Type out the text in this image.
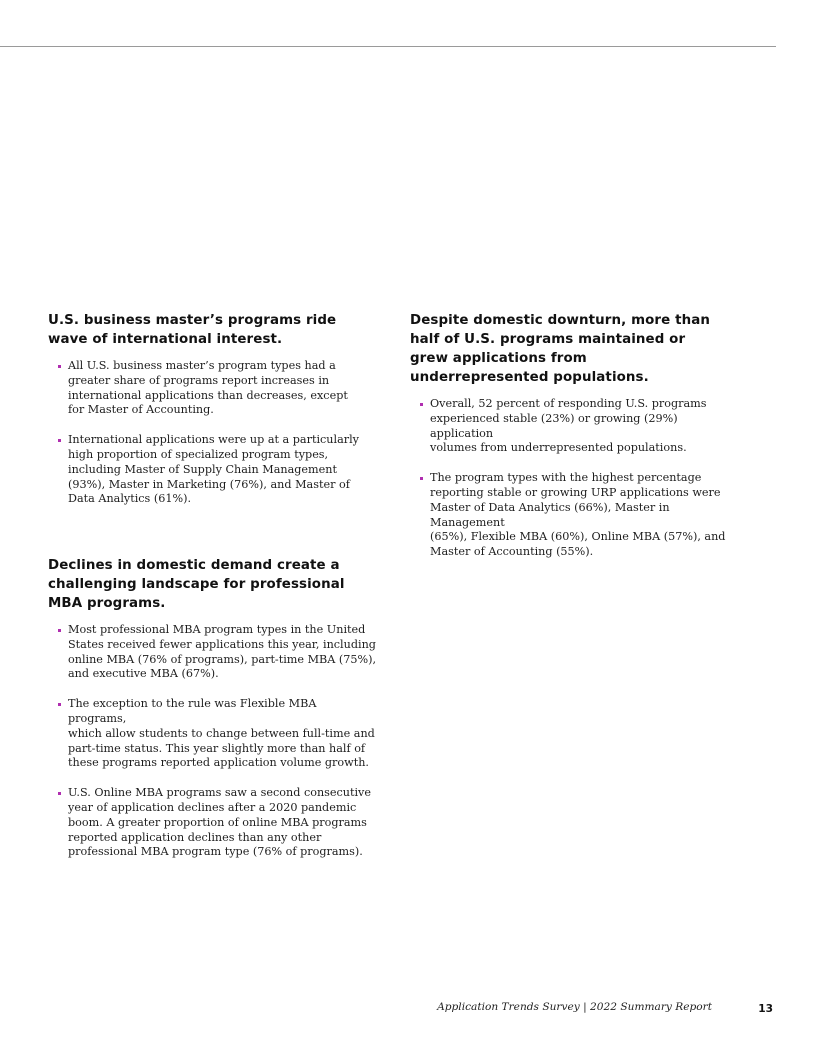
U.S. business master’s programs ride
wave of international interest.
All U.S. business master’s program types had a
greater share of programs report increases in
international applications than decreases, except
for Master of Accounting.
International applications were up at a particularly
high proportion of specialized program types,
including Master of Supply Chain Management
(93%), Master in Marketing (76%), and Master of
Data Analytics (61%).
Declines in domestic demand create a
challenging landscape for professional
MBA programs.
Most professional MBA program types in the United
States received fewer applications this year, including
online MBA (76% of programs), part-time MBA (75%),
and executive MBA (67%).
The exception to the rule was Flexible MBA programs,
which allow students to change between full-time and
part-time status. This year slightly more than half of
these programs reported application volume growth.
U.S. Online MBA programs saw a second consecutive
year of application declines after a 2020 pandemic
boom. A greater proportion of online MBA programs
reported application declines than any other
professional MBA program type (76% of programs).
Despite domestic downturn, more than
half of U.S. programs maintained or
grew applications from
underrepresented populations.
Overall, 52 percent of responding U.S. programs
experienced stable (23%) or growing (29%) application
volumes from underrepresented populations.
The program types with the highest percentage
reporting stable or growing URP applications were
Master of Data Analytics (66%), Master in Management
(65%), Flexible MBA (60%), Online MBA (57%), and
Master of Accounting (55%).
Application Trends Survey | 2022 Summary Report	13
